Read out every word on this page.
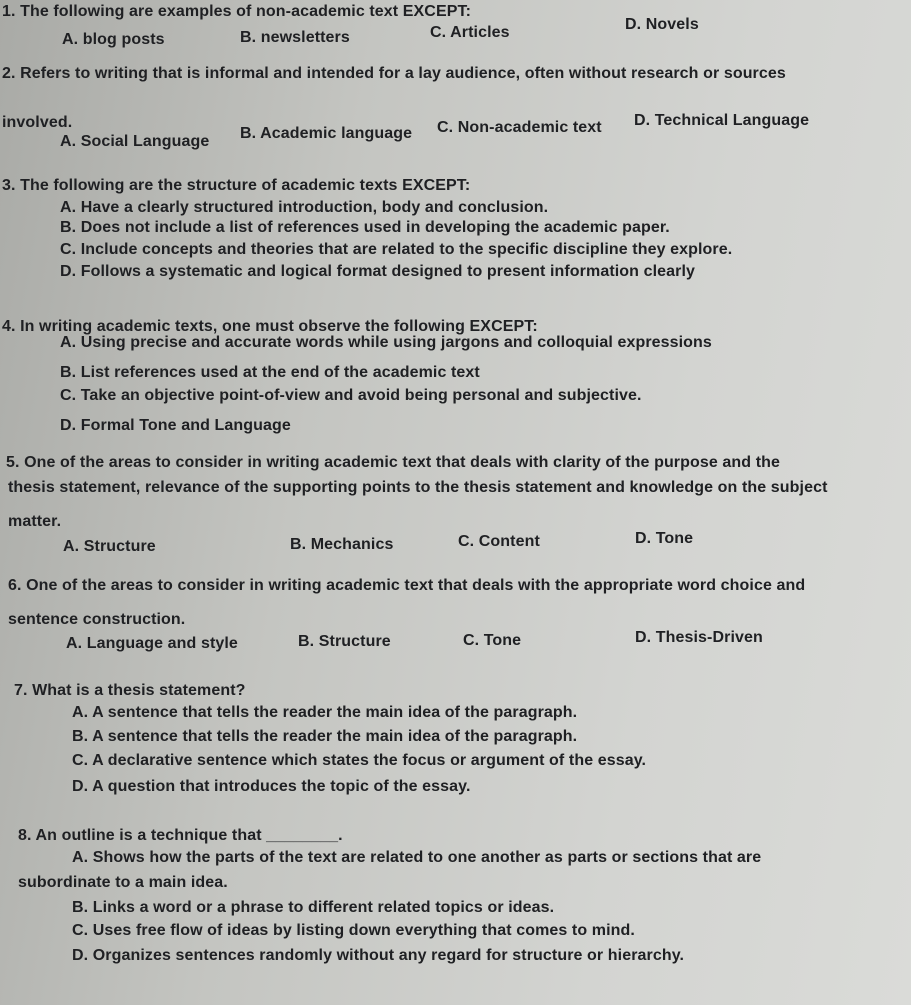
1. The following are examples of non-academic text EXCEPT:
A. blog posts	B. newsletters	C. Articles	D. Novels
2. Refers to writing that is informal and intended for a lay audience, often without research or sources
involved.
A. Social Language B. Academic language C. Non-academic text D. Technical Language
3. The following are the structure of academic texts EXCEPT:
A. Have a clearly structured introduction, body and conclusion.
B. Does not include a list of references used in developing the academic paper.
C. Include concepts and theories that are related to the specific discipline they explore.
D. Follows a systematic and logical format designed to present information clearly
4. In writing academic texts, one must observe the following EXCEPT:
A. Using precise and accurate words while using jargons and colloquial expressions
B. List references used at the end of the academic text
C. Take an objective point-of-view and avoid being personal and subjective.
D. Formal Tone and Language
5. One of the areas to consider in writing academic text that deals with clarity of the purpose and the
thesis statement, relevance of the supporting points to the thesis statement and knowledge on the subject
matter.
A. Structure	B. Mechanics	C. Content	D. Tone
6. One of the areas to consider in writing academic text that deals with the appropriate word choice and
sentence construction.
A. Language and style	B. Structure	C. Tone	D. Thesis-Driven
7. What is a thesis statement?
A. A sentence that tells the reader the main idea of the paragraph.
B. A sentence that tells the reader the main idea of the paragraph.
C. A declarative sentence which states the focus or argument of the essay.
D. A question that introduces the topic of the essay.
8. An outline is a technique that ________.
A. Shows how the parts of the text are related to one another as parts or sections that are
subordinate to a main idea.
B. Links a word or a phrase to different related topics or ideas.
C. Uses free flow of ideas by listing down everything that comes to mind.
D. Organizes sentences randomly without any regard for structure or hierarchy.
